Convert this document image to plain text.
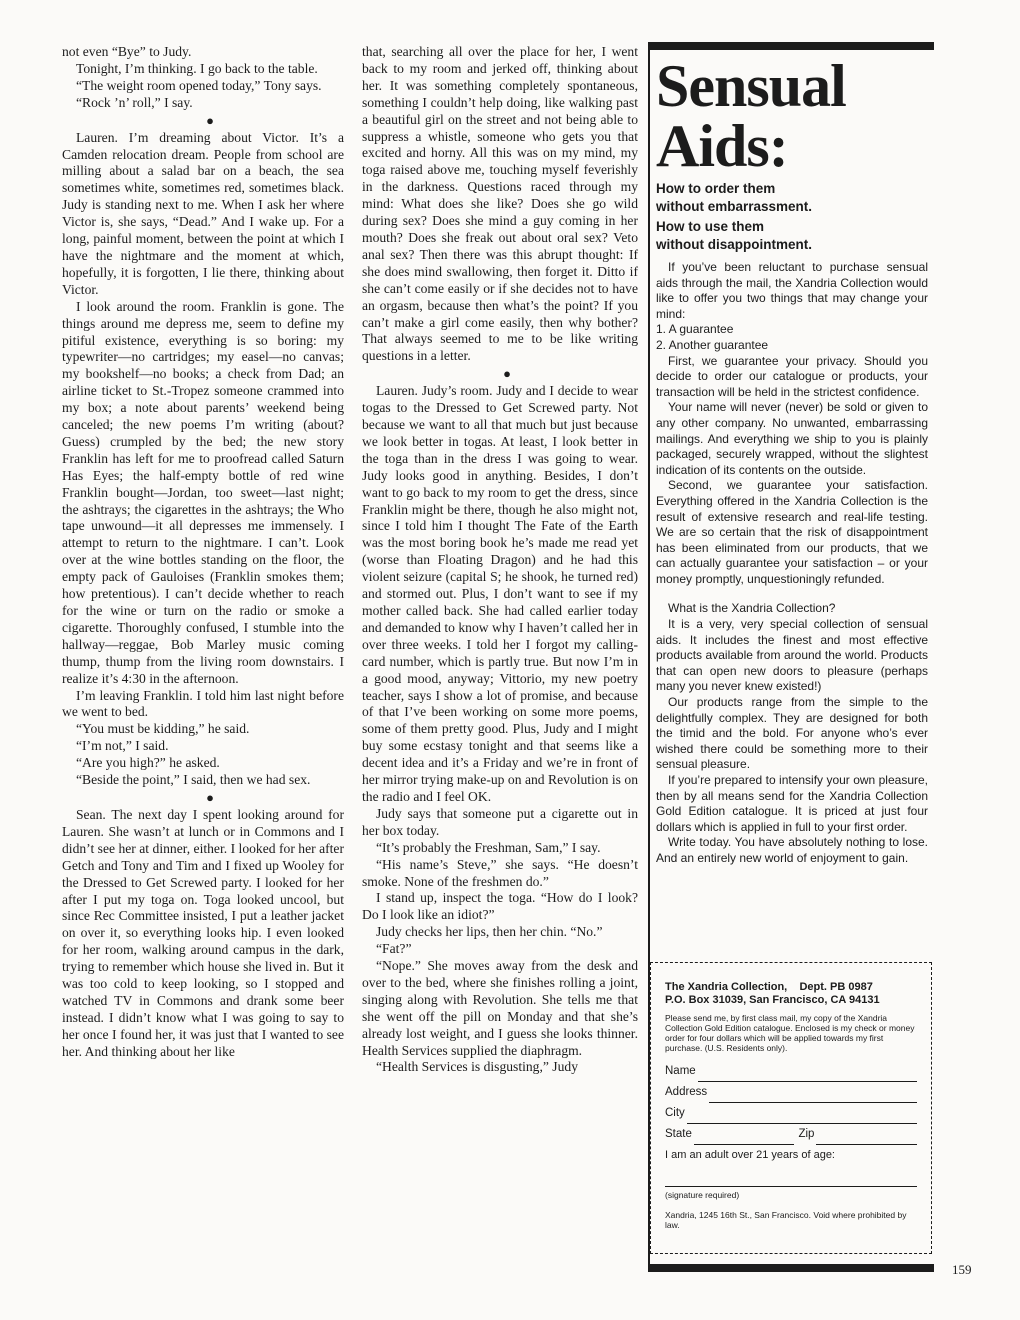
not even “Bye” to Judy.

Tonight, I’m thinking. I go back to the table.

“The weight room opened today,” Tony says.

“Rock ’n’ roll,” I say.

●

Lauren. I’m dreaming about Victor. It’s a Camden relocation dream. People from school are milling about a salad bar on a beach, the sea sometimes white, sometimes red, sometimes black. Judy is standing next to me. When I ask her where Victor is, she says, “Dead.” And I wake up. For a long, painful moment, between the point at which I have the nightmare and the moment at which, hopefully, it is forgotten, I lie there, thinking about Victor.

I look around the room. Franklin is gone. The things around me depress me, seem to define my pitiful existence, everything is so boring: my typewriter—no cartridges; my easel—no canvas; my bookshelf—no books; a check from Dad; an airline ticket to St.-Tropez someone crammed into my box; a note about parents’ weekend being canceled; the new poems I’m writing (about? Guess) crumpled by the bed; the new story Franklin has left for me to proofread called Saturn Has Eyes; the half-empty bottle of red wine Franklin bought—Jordan, too sweet—last night; the ashtrays; the cigarettes in the ashtrays; the Who tape unwound—it all depresses me immensely. I attempt to return to the nightmare. I can’t. Look over at the wine bottles standing on the floor, the empty pack of Gauloises (Franklin smokes them; how pretentious). I can’t decide whether to reach for the wine or turn on the radio or smoke a cigarette. Thoroughly confused, I stumble into the hallway—reggae, Bob Marley music coming thump, thump from the living room downstairs. I realize it’s 4:30 in the afternoon.

I’m leaving Franklin. I told him last night before we went to bed.

“You must be kidding,” he said.

“I’m not,” I said.

“Are you high?” he asked.

“Beside the point,” I said, then we had sex.

●

Sean. The next day I spent looking around for Lauren. She wasn’t at lunch or in Commons and I didn’t see her at dinner, either. I looked for her after Getch and Tony and Tim and I fixed up Wooley for the Dressed to Get Screwed party. I looked for her after I put my toga on. Toga looked uncool, but since Rec Committee insisted, I put a leather jacket on over it, so everything looks hip. I even looked for her room, walking around campus in the dark, trying to remember which house she lived in. But it was too cold to keep looking, so I stopped and watched TV in Commons and drank some beer instead. I didn’t know what I was going to say to her once I found her, it was just that I wanted to see her. And thinking about her like

that, searching all over the place for her, I went back to my room and jerked off, thinking about her. It was something completely spontaneous, something I couldn’t help doing, like walking past a beautiful girl on the street and not being able to suppress a whistle, someone who gets you that excited and horny. All this was on my mind, my toga raised above me, touching myself feverishly in the darkness. Questions raced through my mind: What does she like? Does she go wild during sex? Does she mind a guy coming in her mouth? Does she freak out about oral sex? Veto anal sex? Then there was this abrupt thought: If she does mind swallowing, then forget it. Ditto if she can’t come easily or if she decides not to have an orgasm, because then what’s the point? If you can’t make a girl come easily, then why bother? That always seemed to me to be like writing questions in a letter.

●

Lauren. Judy’s room. Judy and I decide to wear togas to the Dressed to Get Screwed party. Not because we want to all that much but just because we look better in togas. At least, I look better in the toga than in the dress I was going to wear. Judy looks good in anything. Besides, I don’t want to go back to my room to get the dress, since Franklin might be there, though he also might not, since I told him I thought The Fate of the Earth was the most boring book he’s made me read yet (worse than Floating Dragon) and he had this violent seizure (capital S; he shook, he turned red) and stormed out. Plus, I don’t want to see if my mother called back. She had called earlier today and demanded to know why I haven’t called her in over three weeks. I told her I forgot my calling-card number, which is partly true. But now I’m in a good mood, anyway; Vittorio, my new poetry teacher, says I show a lot of promise, and because of that I’ve been working on some more poems, some of them pretty good. Plus, Judy and I might buy some ecstasy tonight and that seems like a decent idea and it’s a Friday and we’re in front of her mirror trying make-up on and Revolution is on the radio and I feel OK.

Judy says that someone put a cigarette out in her box today.

“It’s probably the Freshman, Sam,” I say.

“His name’s Steve,” she says. “He doesn’t smoke. None of the freshmen do.”

I stand up, inspect the toga. “How do I look? Do I look like an idiot?”

Judy checks her lips, then her chin. “No.”

“Fat?”

“Nope.” She moves away from the desk and over to the bed, where she finishes rolling a joint, singing along with Revolution. She tells me that she went off the pill on Monday and that she’s already lost weight, and I guess she looks thinner. Health Services supplied the diaphragm.

“Health Services is disgusting,” Judy

Sensual

Aids:

How to order them
without embarrassment.
How to use them
without disappointment.

If you’ve been reluctant to purchase sensual aids through the mail, the Xandria Collection would like to offer you two things that may change your mind:

1. A guarantee

2. Another guarantee

First, we guarantee your privacy. Should you decide to order our catalogue or products, your transaction will be held in the strictest confidence.

Your name will never (never) be sold or given to any other company. No unwanted, embarrassing mailings. And everything we ship to you is plainly packaged, securely wrapped, without the slightest indication of its contents on the outside.

Second, we guarantee your satisfaction. Everything offered in the Xandria Collection is the result of extensive research and real-life testing. We are so certain that the risk of disappointment has been eliminated from our products, that we can actually guarantee your satisfaction – or your money promptly, unquestioningly refunded.

What is the Xandria Collection?

It is a very, very special collection of sensual aids. It includes the finest and most effective products available from around the world. Products that can open new doors to pleasure (perhaps many you never knew existed!)

Our products range from the simple to the delightfully complex. They are designed for both the timid and the bold. For anyone who’s ever wished there could be something more to their sensual pleasure.

If you’re prepared to intensify your own pleasure, then by all means send for the Xandria Collection Gold Edition catalogue. It is priced at just four dollars which is applied in full to your first order.

Write today. You have absolutely nothing to lose. And an entirely new world of enjoyment to gain.

The Xandria Collection,    Dept. PB 0987

P.O. Box 31039, San Francisco, CA 94131

Please send me, by first class mail, my copy of the Xandria Collection Gold Edition catalogue. Enclosed is my check or money order for four dollars which will be applied towards my first purchase. (U.S. Residents only).

Name
Address
City
State	Zip
I am an adult over 21 years of age:

(signature required)

Xandria, 1245 16th St., San Francisco. Void where prohibited by law.

159
